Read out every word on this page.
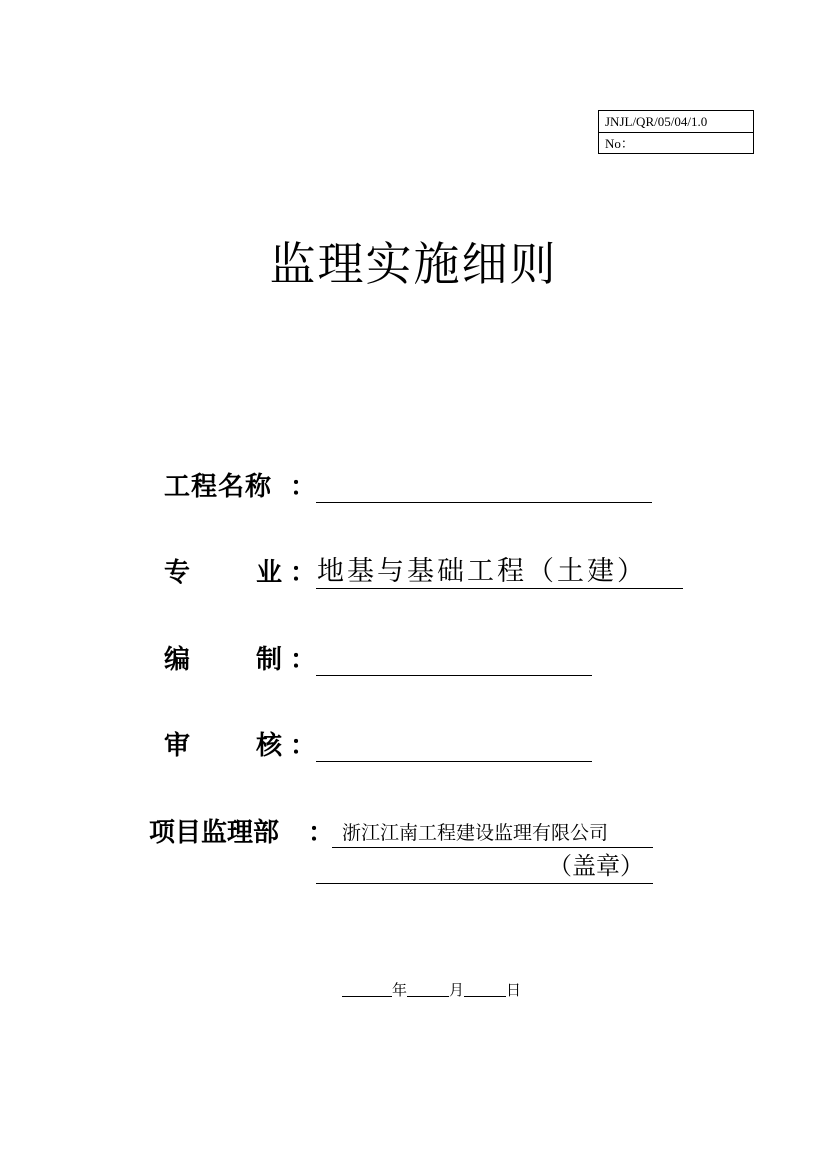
JNJL/QR/05/04/1.0
No：
监理实施细则
工程名称 ：
专	业 ： 地基与基础工程（土建）
编	制 ：
审	核 ：
项目监理部 ： 浙江江南工程建设监理有限公司
（盖章）
年	月	日
